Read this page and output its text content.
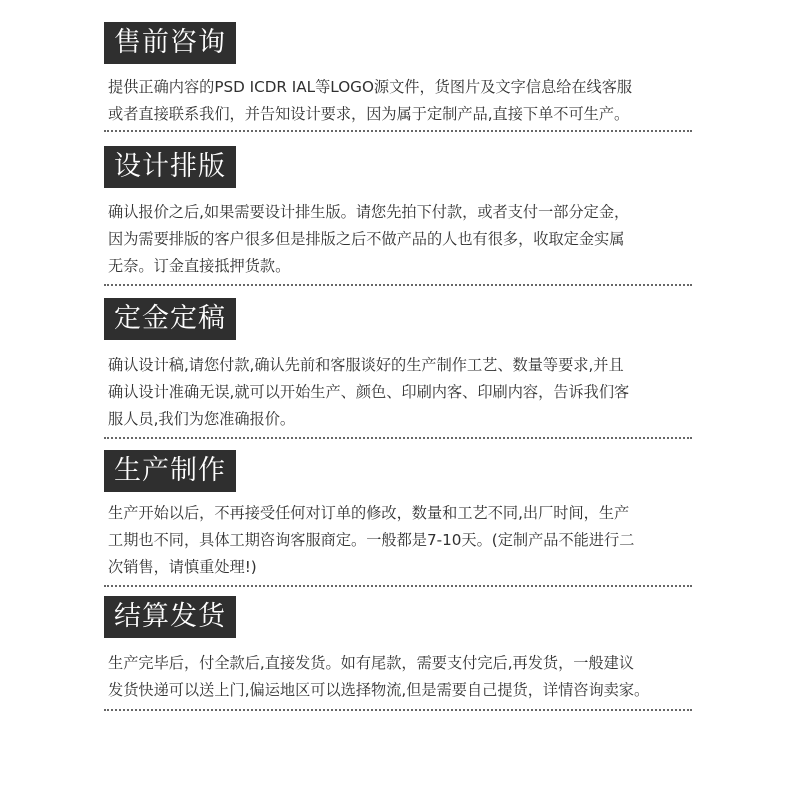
售前咨询
提供正确内容的PSD ICDR IAL等LOGO源文件，货图片及文字信息给在线客服
或者直接联系我们，并告知设计要求，因为属于定制产品,直接下单不可生产。
设计排版
确认报价之后,如果需要设计排生版。请您先拍下付款，或者支付一部分定金，
因为需要排版的客户很多但是排版之后不做产品的人也有很多，收取定金实属
无奈。订金直接抵押货款。
定金定稿
确认设计稿,请您付款,确认先前和客服谈好的生产制作工艺、数量等要求,并且
确认设计准确无误,就可以开始生产、颜色、印刷内客、印刷内容，告诉我们客
服人员,我们为您准确报价。
生产制作
生产开始以后，不再接受任何对订单的修改，数量和工艺不同,出厂时间，生产
工期也不同，具体工期咨询客服商定。一般都是7-10天。(定制产品不能进行二
次销售，请慎重处理!)
结算发货
生产完毕后，付全款后,直接发货。如有尾款，需要支付完后,再发货，一般建议
发货快递可以送上门,偏运地区可以选择物流,但是需要自己提货，详情咨询卖家。
